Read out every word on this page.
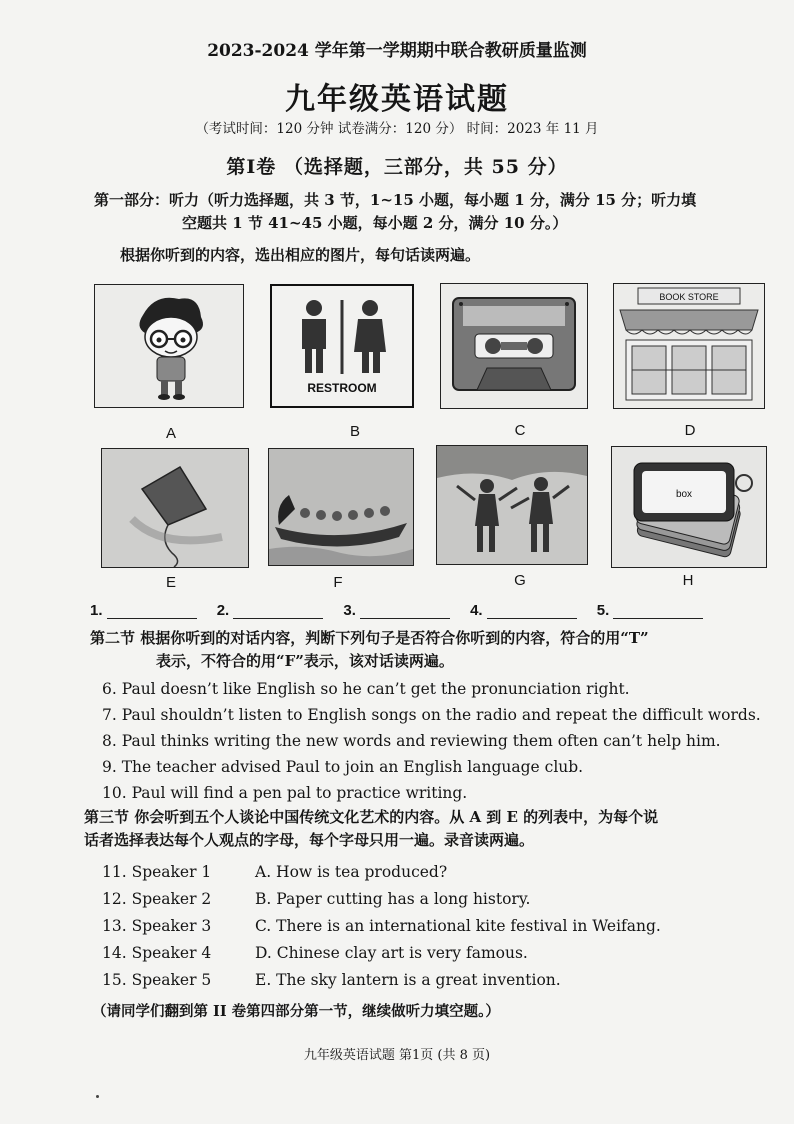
2023-2024 学年第一学期期中联合教研质量监测
九年级英语试题
（考试时间：120 分钟 试卷满分：120 分） 时间：2023 年 11 月
第Ⅰ卷 （选择题，三部分，共 55 分）
第一部分：听力（听力选择题，共 3 节，1~15 小题，每小题 1 分，满分 15 分；听力填
空题共 1 节 41~45 小题，每小题 2 分，满分 10 分。）
根据你听到的内容，选出相应的图片，每句话读两遍。
RESTROOM
BOOK STORE
A	B	C	D
box
E	F	G	H
1.	2.	3.	4.	5.
第二节 根据你听到的对话内容，判断下列句子是否符合你听到的内容，符合的用“T”
表示，不符合的用“F”表示，该对话读两遍。
6. Paul doesn’t like English so he can’t get the pronunciation right.
7. Paul shouldn’t listen to English songs on the radio and repeat the difficult words.
8. Paul thinks writing the new words and reviewing them often can’t help him.
9. The teacher advised Paul to join an English language club.
10. Paul will find a pen pal to practice writing.
第三节 你会听到五个人谈论中国传统文化艺术的内容。从 A 到 E 的列表中，为每个说
话者选择表达每个人观点的字母，每个字母只用一遍。录音读两遍。
11. Speaker 1	A. How is tea produced?
12. Speaker 2	B. Paper cutting has a long history.
13. Speaker 3	C. There is an international kite festival in Weifang.
14. Speaker 4	D. Chinese clay art is very famous.
15. Speaker 5	E. The sky lantern is a great invention.
（请同学们翻到第 II 卷第四部分第一节，继续做听力填空题。）
九年级英语试题 第1页 (共 8 页)
